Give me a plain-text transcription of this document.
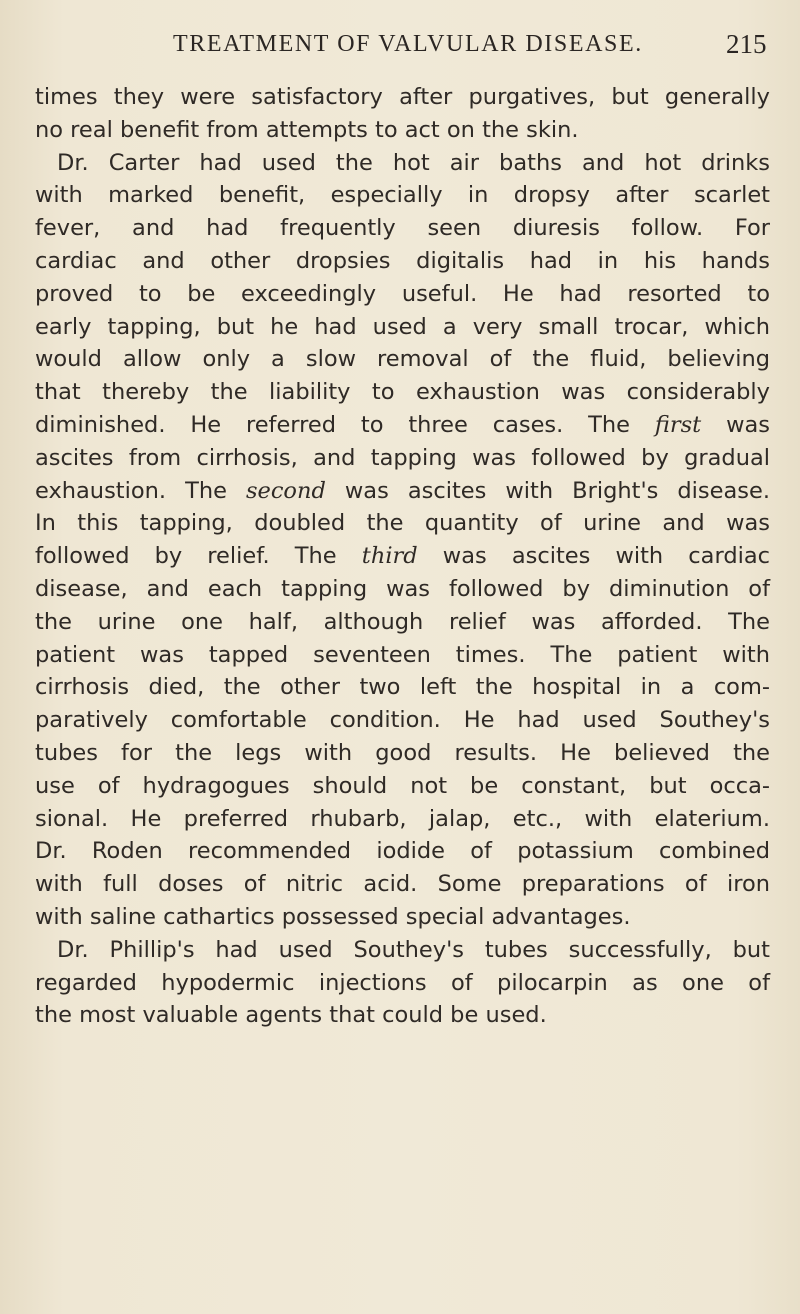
TREATMENT OF VALVULAR DISEASE.	215
times they were satisfactory after purgatives, but generally
no real benefit from attempts to act on the skin.
Dr. Carter had used the hot air baths and hot drinks
with marked benefit, especially in dropsy after scarlet
fever, and had frequently seen diuresis follow. For
cardiac and other dropsies digitalis had in his hands
proved to be exceedingly useful. He had resorted to
early tapping, but he had used a very small trocar, which
would allow only a slow removal of the fluid, believing
that thereby the liability to exhaustion was considerably
diminished. He referred to three cases. The first was
ascites from cirrhosis, and tapping was followed by gradual
exhaustion. The second was ascites with Bright's disease.
In this tapping, doubled the quantity of urine and was
followed by relief. The third was ascites with cardiac
disease, and each tapping was followed by diminution of
the urine one half, although relief was afforded. The
patient was tapped seventeen times. The patient with
cirrhosis died, the other two left the hospital in a com-
paratively comfortable condition. He had used Southey's
tubes for the legs with good results. He believed the
use of hydragogues should not be constant, but occa-
sional. He preferred rhubarb, jalap, etc., with elaterium.
Dr. Roden recommended iodide of potassium combined
with full doses of nitric acid. Some preparations of iron
with saline cathartics possessed special advantages.
Dr. Phillip's had used Southey's tubes successfully, but
regarded hypodermic injections of pilocarpin as one of
the most valuable agents that could be used.
